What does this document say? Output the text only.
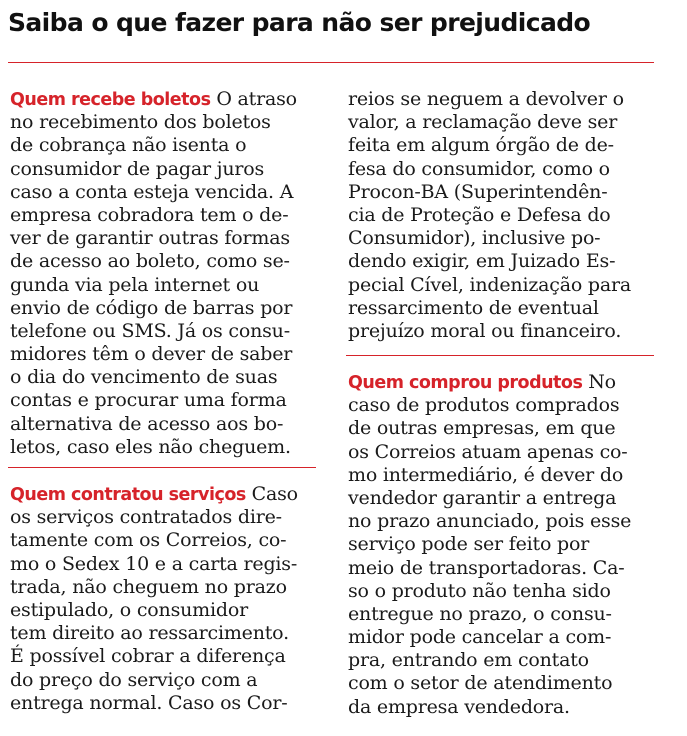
Saiba o que fazer para não ser prejudicado
Quem recebe boletos O atraso
no recebimento dos boletos
de cobrança não isenta o
consumidor de pagar juros
caso a conta esteja vencida. A
empresa cobradora tem o de-
ver de garantir outras formas
de acesso ao boleto, como se-
gunda via pela internet ou
envio de código de barras por
telefone ou SMS. Já os consu-
midores têm o dever de saber
o dia do vencimento de suas
contas e procurar uma forma
alternativa de acesso aos bo-
letos, caso eles não cheguem.
Quem contratou serviços Caso
os serviços contratados dire-
tamente com os Correios, co-
mo o Sedex 10 e a carta regis-
trada, não cheguem no prazo
estipulado, o consumidor
tem direito ao ressarcimento.
É possível cobrar a diferença
do preço do serviço com a
entrega normal. Caso os Cor-
reios se neguem a devolver o
valor, a reclamação deve ser
feita em algum órgão de de-
fesa do consumidor, como o
Procon-BA (Superintendên-
cia de Proteção e Defesa do
Consumidor), inclusive po-
dendo exigir, em Juizado Es-
pecial Cível, indenização para
ressarcimento de eventual
prejuízo moral ou financeiro.
Quem comprou produtos No
caso de produtos comprados
de outras empresas, em que
os Correios atuam apenas co-
mo intermediário, é dever do
vendedor garantir a entrega
no prazo anunciado, pois esse
serviço pode ser feito por
meio de transportadoras. Ca-
so o produto não tenha sido
entregue no prazo, o consu-
midor pode cancelar a com-
pra, entrando em contato
com o setor de atendimento
da empresa vendedora.
